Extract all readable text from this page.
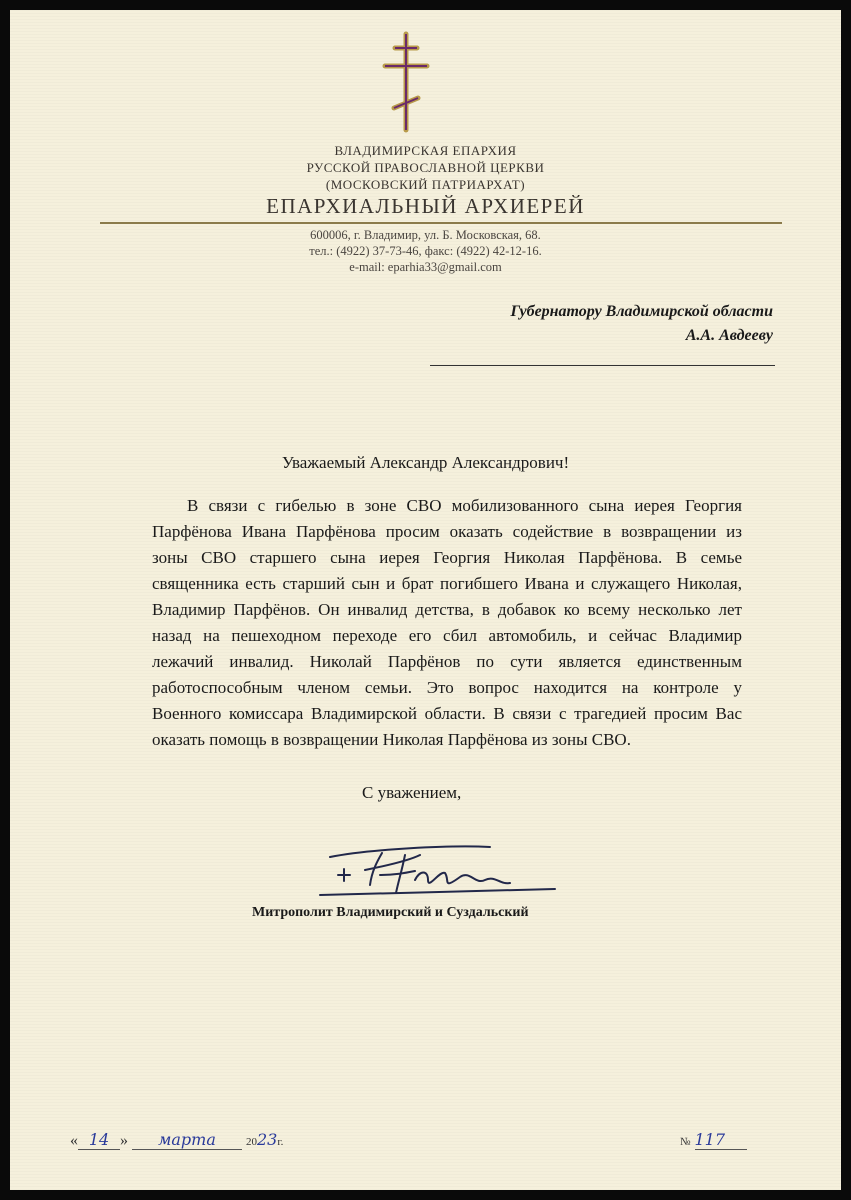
ВЛАДИМИРСКАЯ ЕПАРХИЯ
РУССКОЙ ПРАВОСЛАВНОЙ ЦЕРКВИ
(МОСКОВСКИЙ ПАТРИАРХАТ)
ЕПАРХИАЛЬНЫЙ АРХИЕРЕЙ
600006, г. Владимир, ул. Б. Московская, 68.
тел.: (4922) 37-73-46, факс: (4922) 42-12-16.
e-mail: eparhia33@gmail.com
Губернатору Владимирской области
А.А. Авдееву
Уважаемый Александр Александрович!
В связи с гибелью в зоне СВО мобилизованного сына иерея Георгия
Парфёнова Ивана Парфёнова просим оказать содействие в возвращении из
зоны СВО старшего сына иерея Георгия Николая Парфёнова. В семье
священника есть старший сын и брат погибшего Ивана и служащего Николая,
Владимир Парфёнов. Он инвалид детства, в добавок ко всему несколько лет
назад на пешеходном переходе его сбил автомобиль, и сейчас Владимир
лежачий инвалид. Николай Парфёнов по сути является единственным
работоспособным членом семьи. Это вопрос находится на контроле у
Военного комиссара Владимирской области. В связи с трагедией просим Вас
оказать помощь в возвращении Николая Парфёнова из зоны СВО.
С уважением,
Митрополит Владимирский и Суздальский
« 14 » марта	2023г.	№ 117
